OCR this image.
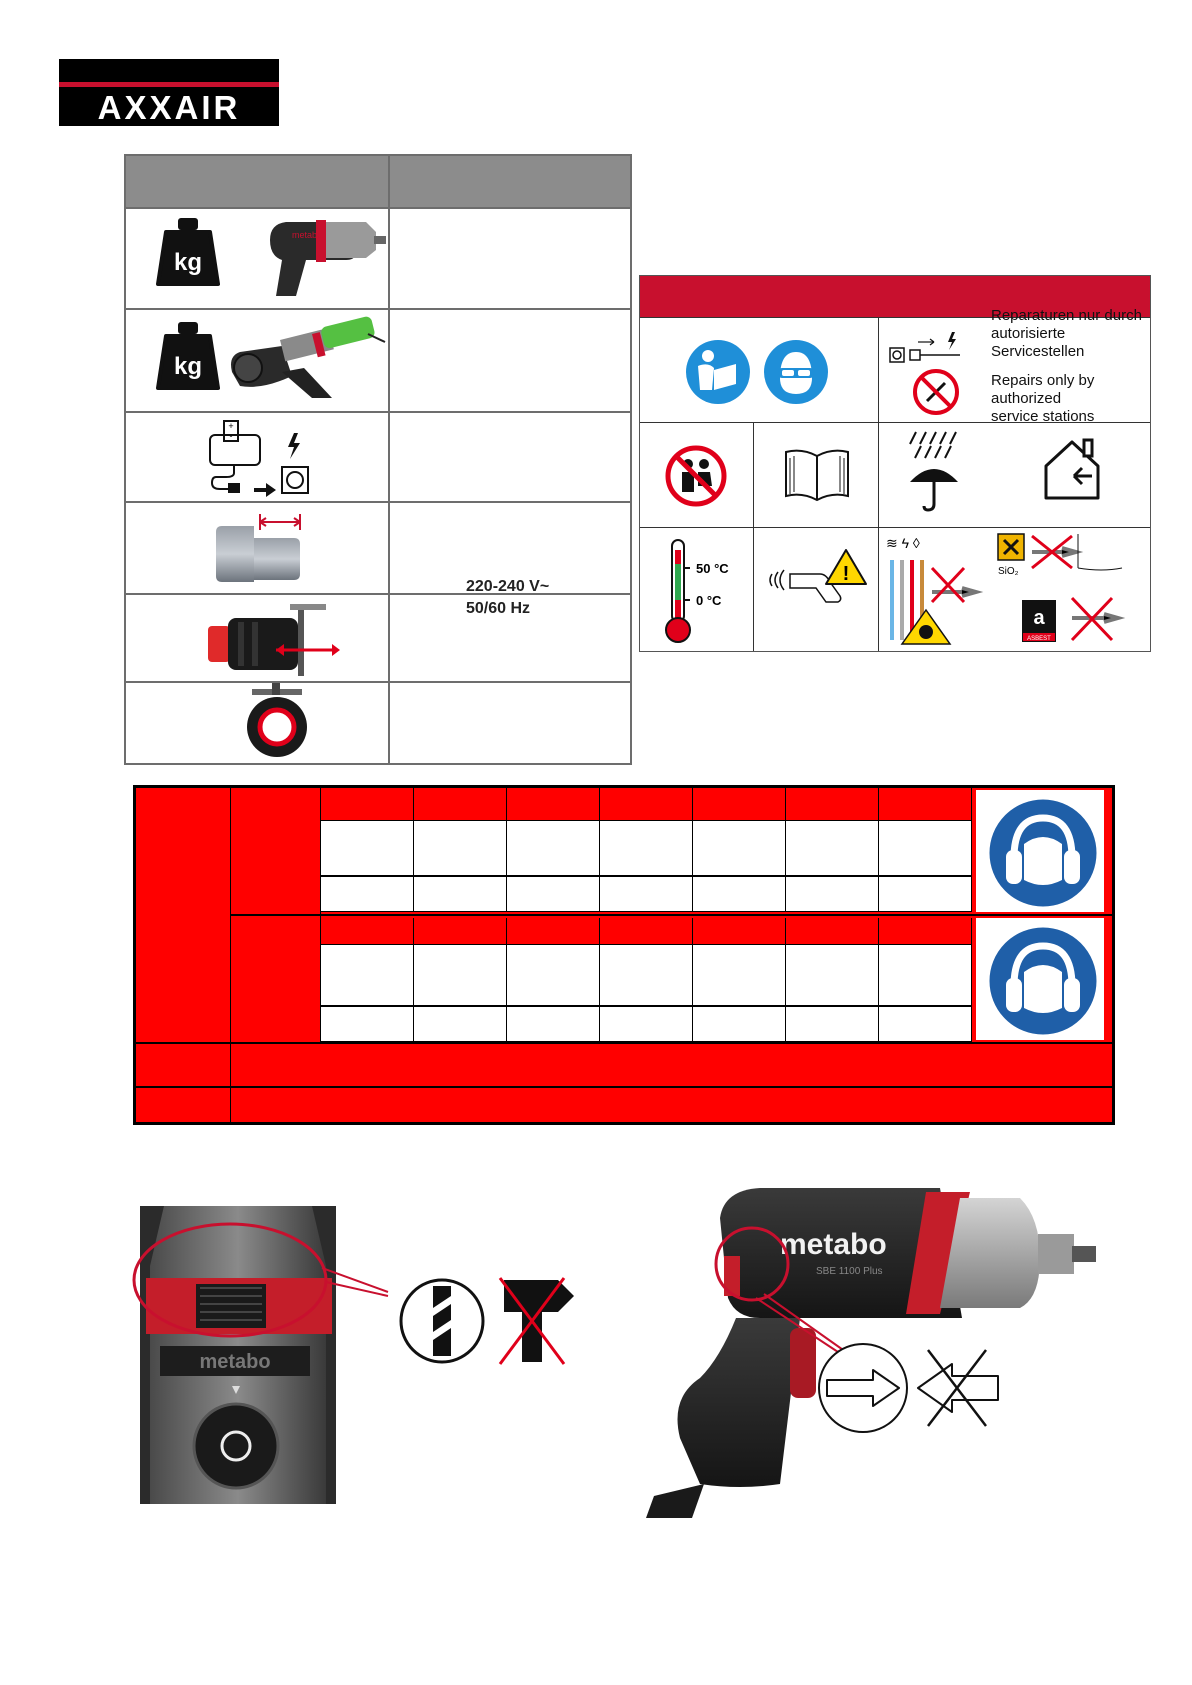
AXXAIR
kg
metabo
kg
+
-
220-240 V~
50/60 Hz
Reparaturen nur durch
autorisierte Servicestellen
Repairs only by authorized
service stations
50 °C
0 °C
!
≋ ϟ ◊
SiO₂
a
ASBEST
metabo
metabo
SBE 1100 Plus
